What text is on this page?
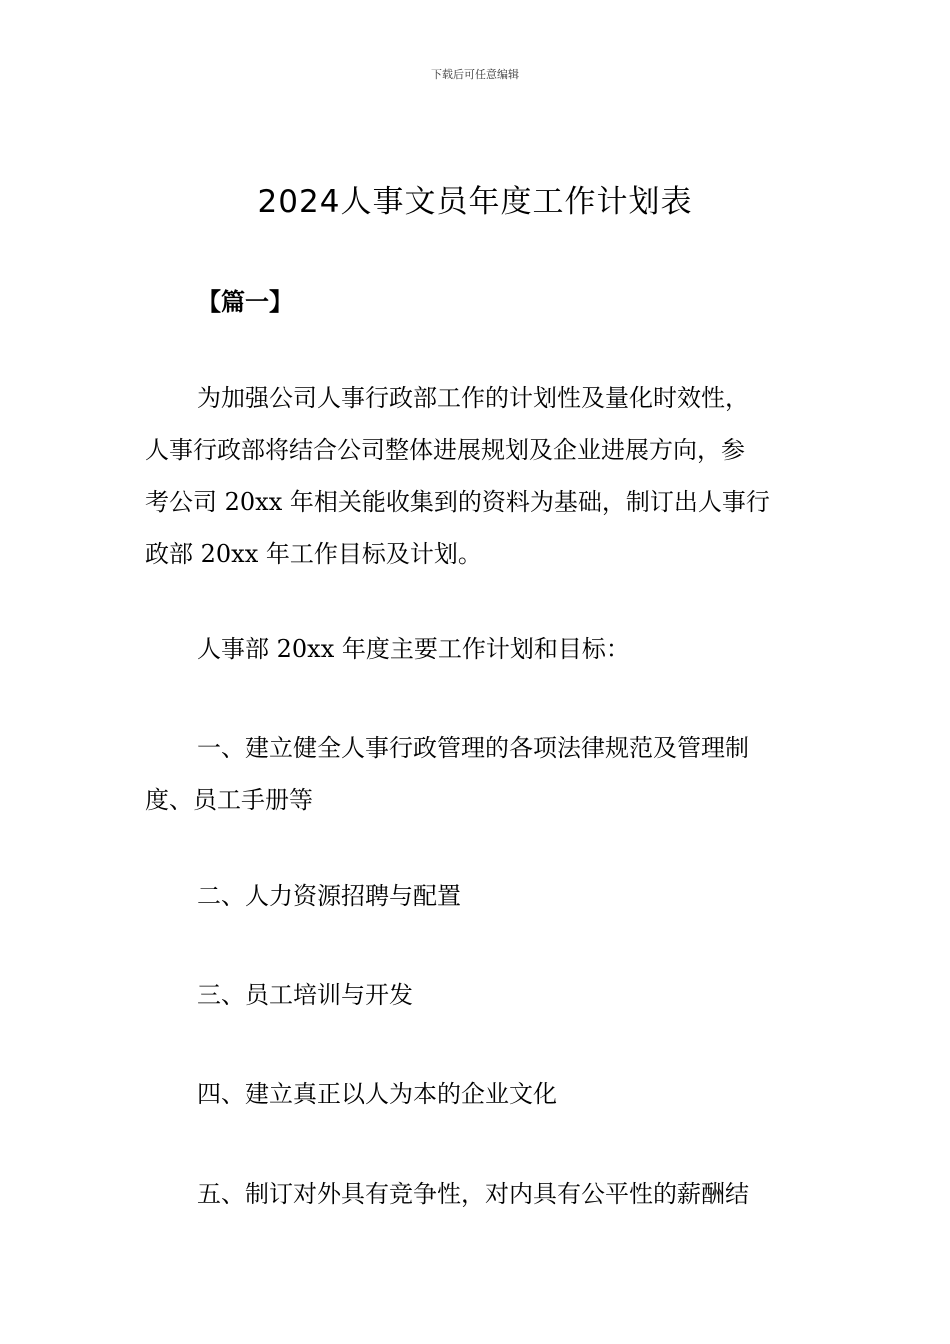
下载后可任意编辑
2024人事文员年度工作计划表
【篇一】
为加强公司人事行政部工作的计划性及量化时效性，
人事行政部将结合公司整体进展规划及企业进展方向，参
考公司 20xx 年相关能收集到的资料为基础，制订出人事行
政部 20xx 年工作目标及计划。
人事部 20xx 年度主要工作计划和目标：
一、建立健全人事行政管理的各项法律规范及管理制
度、员工手册等
二、人力资源招聘与配置
三、员工培训与开发
四、建立真正以人为本的企业文化
五、制订对外具有竞争性，对内具有公平性的薪酬结
